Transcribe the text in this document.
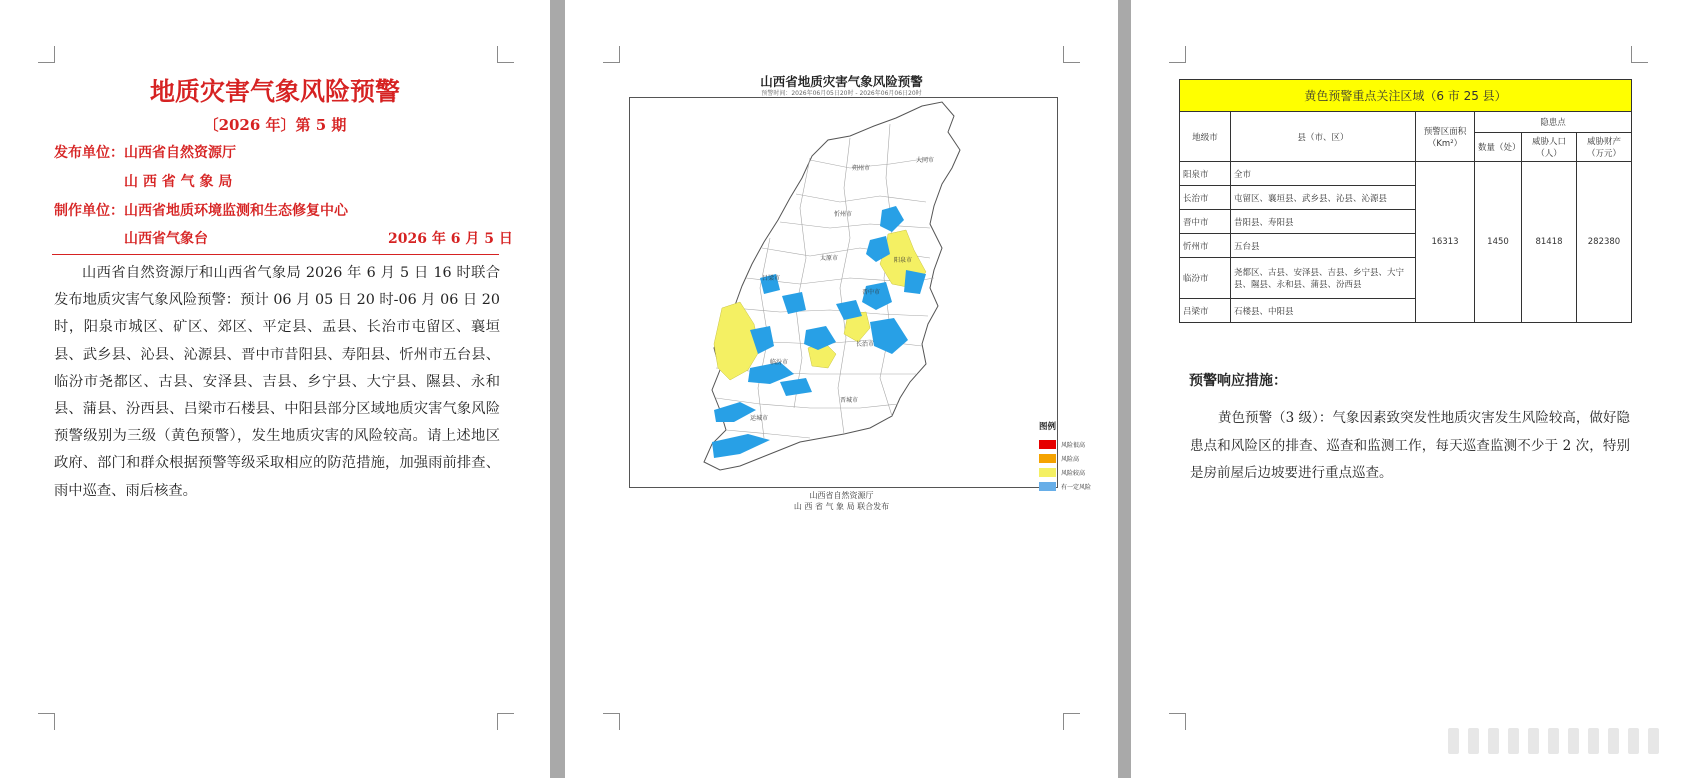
地质灾害气象风险预警
〔2026 年〕第 5 期
发布单位：山西省自然资源厅
山 西 省 气 象 局
制作单位：山西省地质环境监测和生态修复中心
山西省气象台	2026 年 6 月 5 日

山西省自然资源厅和山西省气象局 2026 年 6 月 5 日 16 时联合发布地质灾害气象风险预警：预计 06 月 05 日 20 时-06 月 06 日 20 时，阳泉市城区、矿区、郊区、平定县、盂县、长治市屯留区、襄垣县、武乡县、沁县、沁源县、晋中市昔阳县、寿阳县、忻州市五台县、临汾市尧都区、古县、安泽县、吉县、乡宁县、大宁县、隰县、永和县、蒲县、汾西县、吕梁市石楼县、中阳县部分区域地质灾害气象风险预警级别为三级（黄色预警），发生地质灾害的风险较高。请上述地区政府、部门和群众根据预警等级采取相应的防范措施，加强雨前排查、雨中巡查、雨后核查。

山西省地质灾害气象风险预警
预警时间：2026年06月05日20时 - 2026年06月06日20时
大同市
朔州市
忻州市
阳泉市
太原市
吕梁市
晋中市
长治市
临汾市
晋城市
运城市
图例
风险很高
风险高
风险较高
有一定风险
山西省自然资源厅
山 西 省 气 象 局 联合发布
黄色预警重点关注区域（6 市 25 县）					
地级市	县（市、区）	预警区面积（Km²）	隐患点		
			数量（处）	威胁人口（人）	威胁财产（万元）
阳泉市	全市	16313	1450	81418	282380
长治市	屯留区、襄垣县、武乡县、沁县、沁源县				
晋中市	昔阳县、寿阳县				
忻州市	五台县				
临汾市	尧都区、古县、安泽县、吉县、乡宁县、大宁县、隰县、永和县、蒲县、汾西县				
吕梁市	石楼县、中阳县				
预警响应措施：

黄色预警（3 级）：气象因素致突发性地质灾害发生风险较高，做好隐患点和风险区的排查、巡查和监测工作，每天巡查监测不少于 2 次，特别是房前屋后边坡要进行重点巡查。
